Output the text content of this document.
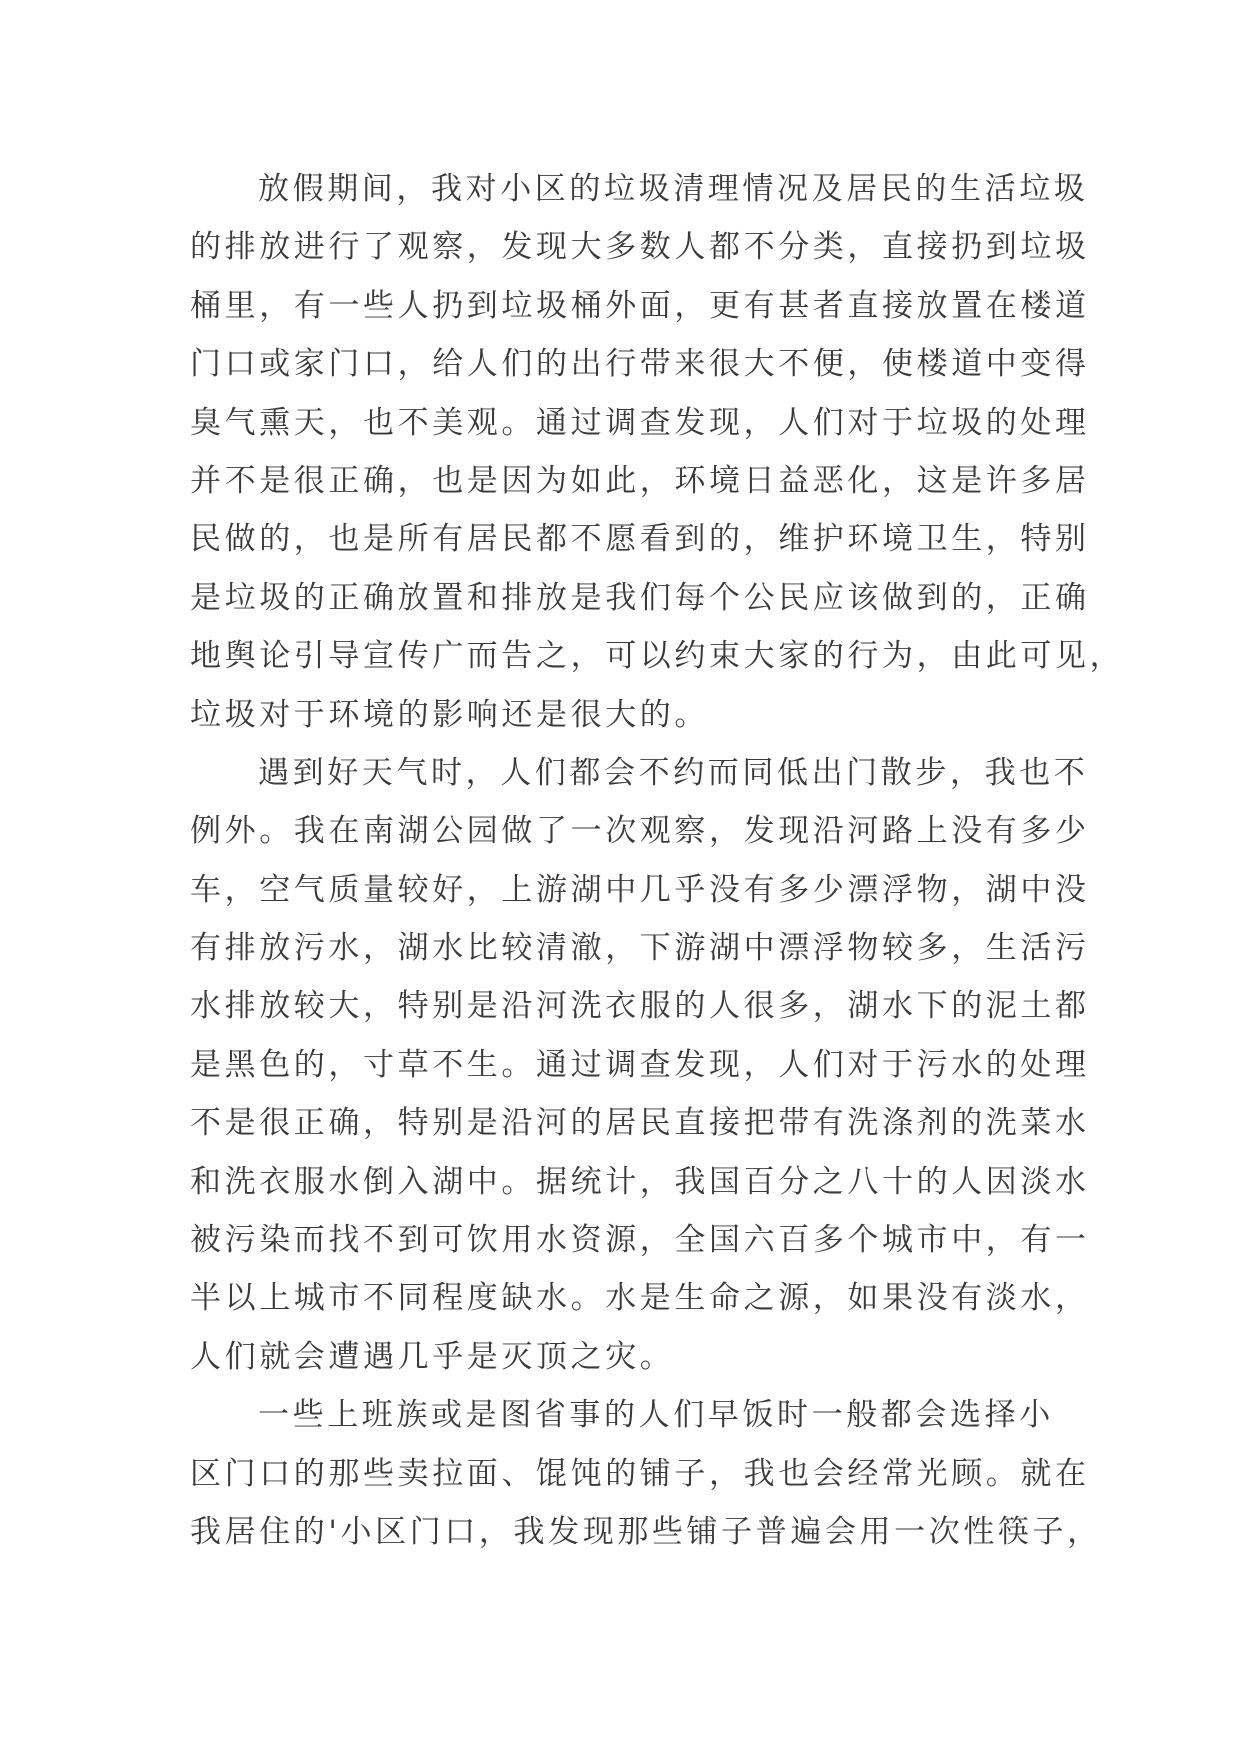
放假期间，我对小区的垃圾清理情况及居民的生活垃圾
的排放进行了观察，发现大多数人都不分类，直接扔到垃圾
桶里，有一些人扔到垃圾桶外面，更有甚者直接放置在楼道
门口或家门口，给人们的出行带来很大不便，使楼道中变得
臭气熏天，也不美观。通过调查发现，人们对于垃圾的处理
并不是很正确，也是因为如此，环境日益恶化，这是许多居
民做的，也是所有居民都不愿看到的，维护环境卫生，特别
是垃圾的正确放置和排放是我们每个公民应该做到的，正确
地舆论引导宣传广而告之，可以约束大家的行为，由此可见，
垃圾对于环境的影响还是很大的。
遇到好天气时，人们都会不约而同低出门散步，我也不
例外。我在南湖公园做了一次观察，发现沿河路上没有多少
车，空气质量较好，上游湖中几乎没有多少漂浮物，湖中没
有排放污水，湖水比较清澈，下游湖中漂浮物较多，生活污
水排放较大，特别是沿河洗衣服的人很多，湖水下的泥土都
是黑色的，寸草不生。通过调查发现，人们对于污水的处理
不是很正确，特别是沿河的居民直接把带有洗涤剂的洗菜水
和洗衣服水倒入湖中。据统计，我国百分之八十的人因淡水
被污染而找不到可饮用水资源，全国六百多个城市中，有一
半以上城市不同程度缺水。水是生命之源，如果没有淡水，
人们就会遭遇几乎是灭顶之灾。
一些上班族或是图省事的人们早饭时一般都会选择小
区门口的那些卖拉面、馄饨的铺子，我也会经常光顾。就在
我居住的'小区门口，我发现那些铺子普遍会用一次性筷子，
